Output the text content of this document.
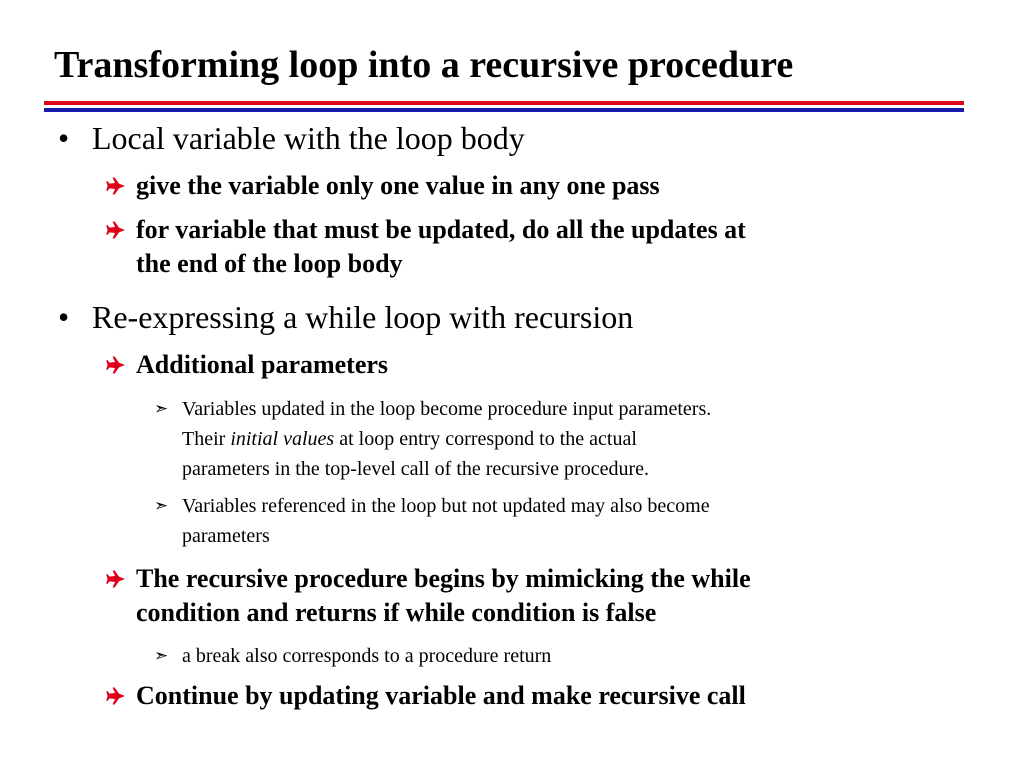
Transforming loop into a recursive procedure
• Local variable with the loop body
give the variable only one value in any one pass
for variable that must be updated, do all the updates at
the end of the loop body
• Re-expressing a while loop with recursion
Additional parameters
➣ Variables updated in the loop become procedure input parameters.
Their initial values at loop entry correspond to the actual
parameters in the top-level call of the recursive procedure.
➣ Variables referenced in the loop but not updated may also become
parameters
The recursive procedure begins by mimicking the while
condition and returns if while condition is false
➣ a break also corresponds to a procedure return
Continue by updating variable and make recursive call
